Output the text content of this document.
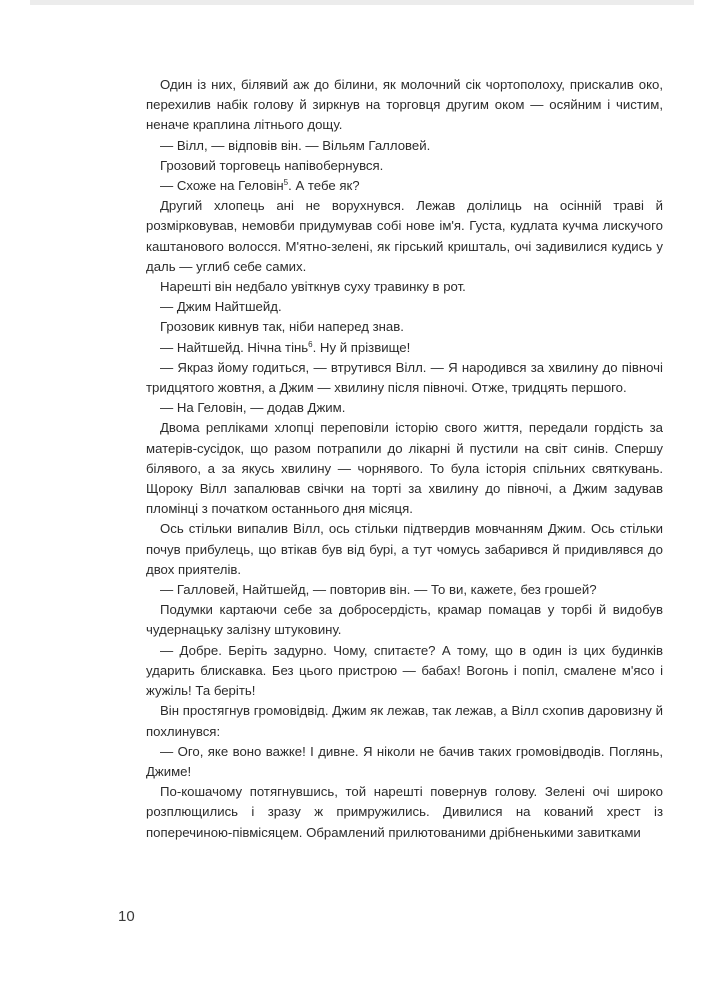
Один із них, білявий аж до білини, як молочний сік чортополоху, прискалив око, перехилив набік голову й зиркнув на торговця другим оком — осяйним і чистим, неначе краплина літнього дощу.

— Вілл, — відповів він. — Вільям Галловей.

Грозовий торговець напівобернувся.

— Схоже на Геловін$^5$. А тебе як?

Другий хлопець ані не ворухнувся. Лежав долілиць на осінній траві й розмірковував, немовби придумував собі нове ім'я. Густа, кудлата кучма лискучого каштанового волосся. М'ятно-зелені, як гірський кришталь, очі задивилися кудись у даль — углиб себе самих.

Нарешті він недбало увіткнув суху травинку в рот.

— Джим Найтшейд.

Грозовик кивнув так, ніби наперед знав.

— Найтшейд. Нічна тінь$^6$. Ну й прізвище!

— Якраз йому годиться, — втрутився Вілл. — Я народився за хвилину до півночі тридцятого жовтня, а Джим — хвилину після півночі. Отже, тридцять першого.

— На Геловін, — додав Джим.

Двома репліками хлопці переповіли історію свого життя, передали гордість за матерів-сусідок, що разом потрапили до лікарні й пустили на світ синів. Спершу білявого, а за якусь хвилину — чорнявого. То була історія спільних святкувань. Щороку Вілл запалював свічки на торті за хвилину до півночі, а Джим задував пломінці з початком останнього дня місяця.

Ось стільки випалив Вілл, ось стільки підтвердив мовчанням Джим. Ось стільки почув прибулець, що втікав був від бурі, а тут чомусь забарився й придивлявся до двох приятелів.

— Галловей, Найтшейд, — повторив він. — То ви, кажете, без грошей?

Подумки картаючи себе за добросердість, крамар помацав у торбі й видобув чудернацьку залізну штуковину.

— Добре. Беріть задурно. Чому, спитаєте? А тому, що в один із цих будинків ударить блискавка. Без цього пристрою — бабах! Вогонь і попіл, смалене м'ясо і жужіль! Та беріть!

Він простягнув громовідвід. Джим як лежав, так лежав, а Вілл схопив даровизну й похлинувся:

— Ого, яке воно важке! І дивне. Я ніколи не бачив таких громовідводів. Поглянь, Джиме!

По-кошачому потягнувшись, той нарешті повернув голову. Зелені очі широко розплющились і зразу ж примружились. Дивилися на кований хрест із поперечиною-півмісяцем. Обрамлений прилютованими дрібненькими завитками

10
